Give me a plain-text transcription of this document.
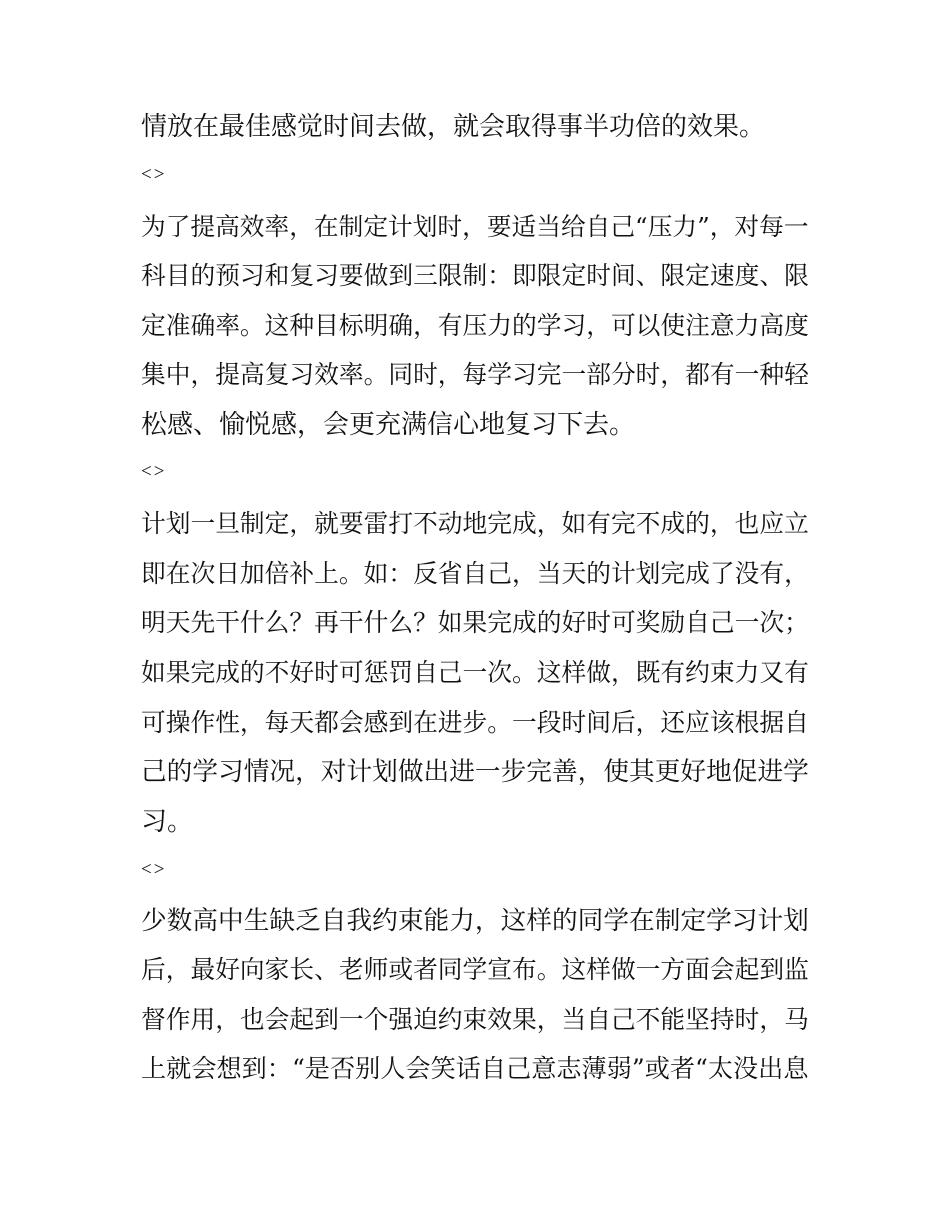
情放在最佳感觉时间去做，就会取得事半功倍的效果。
<>
为了提高效率，在制定计划时，要适当给自己“压力”，对每一
科目的预习和复习要做到三限制：即限定时间、限定速度、限
定准确率。这种目标明确，有压力的学习，可以使注意力高度
集中，提高复习效率。同时，每学习完一部分时，都有一种轻
松感、愉悦感，会更充满信心地复习下去。
<>
计划一旦制定，就要雷打不动地完成，如有完不成的，也应立
即在次日加倍补上。如：反省自己，当天的计划完成了没有，
明天先干什么？再干什么？如果完成的好时可奖励自己一次；
如果完成的不好时可惩罚自己一次。这样做，既有约束力又有
可操作性，每天都会感到在进步。一段时间后，还应该根据自
己的学习情况，对计划做出进一步完善，使其更好地促进学
习。
<>
少数高中生缺乏自我约束能力，这样的同学在制定学习计划
后，最好向家长、老师或者同学宣布。这样做一方面会起到监
督作用，也会起到一个强迫约束效果，当自己不能坚持时，马
上就会想到：“是否别人会笑话自己意志薄弱”或者“太没出息
